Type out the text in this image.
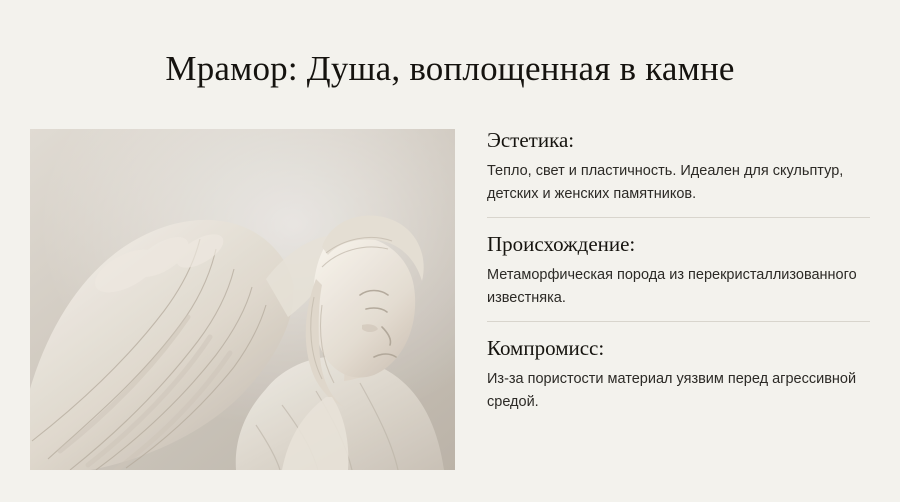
Мрамор: Душа, воплощенная в камне
Эстетика:

Тепло, свет и пластичность. Идеален для скульптур, детских и женских памятников.

Происхождение:

Метаморфическая порода из перекристаллизованного известняка.

Компромисс:

Из-за пористости материал уязвим перед агрессивной средой.
